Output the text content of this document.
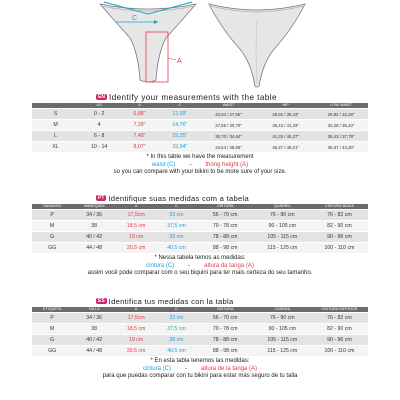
C
A
EN Identify your measurements with the table
	US	A	C	WAIST	HIP	LOW WAIST
S	0 - 2	6,88"	12,99"	22,04 / 27,55"	29,92 / 35,43"	29,92 / 32,28"
M	4	7,28"	14,76"	27,55 / 30,70"	35,43 / 41,33"	32,28 / 35,43"
L	6 - 8	7,48"	15,35"	30,70 / 34,64"	41,33 / 45,27"	35,43 / 37,79"
XL	10 - 14	8,07"	15,94"	34,64 / 38,58"	45,27 / 49,21"	39,37 / 43,30"
* In this table we have the measurement
waist (C) - thong height (A)
so you can compare with your bikini to be more sure of your size.
PT Identifique suas medidas com a tabela
TAMANHO	MANEQUIM	A	C	CINTURA	QUADRIL	CINTURA BAIXA
P	34 / 36	17,5cm	33 cm	56 - 70 cm	76 - 90 cm	76 - 82 cm
M	38	18,5 cm	37,5 cm	70 - 78 cm	90 - 105 cm	82 - 90 cm
G	40 / 42	19 cm	39 cm	78 - 88 cm	105 - 115 cm	90 - 96 cm
GG	44 / 48	20,5 cm	40,5 cm	88 - 98 cm	115 - 125 cm	100 - 110 cm
* Nessa tabela temos as medidas:
cintura (C) - altura da tanga (A)
assim você pode comparar com o seu biquini para ter mais certeza do seu tamanho.
ES Identifica tus medidas con la tabla
ETIQUETA	TALLA	A	C	CINTURA	CADERA	CINTURA INFERIOR
P	34 / 36	17,5cm	33 cm	56 - 70 cm	76 - 90 cm	76 - 82 cm
M	38	18,5 cm	37,5 cm	70 - 78 cm	90 - 105 cm	82 - 90 cm
G	40 / 42	19 cm	39 cm	78 - 88 cm	105 - 115 cm	90 - 96 cm
GG	44 / 48	20,5 cm	40,5 cm	88 - 98 cm	115 - 125 cm	100 - 110 cm
* En esta tabla tenemos las medidas:
cintura (C) - altura de la tanga (A)
para que puedas comparar con tu bikini para estar más seguro de tu talla
